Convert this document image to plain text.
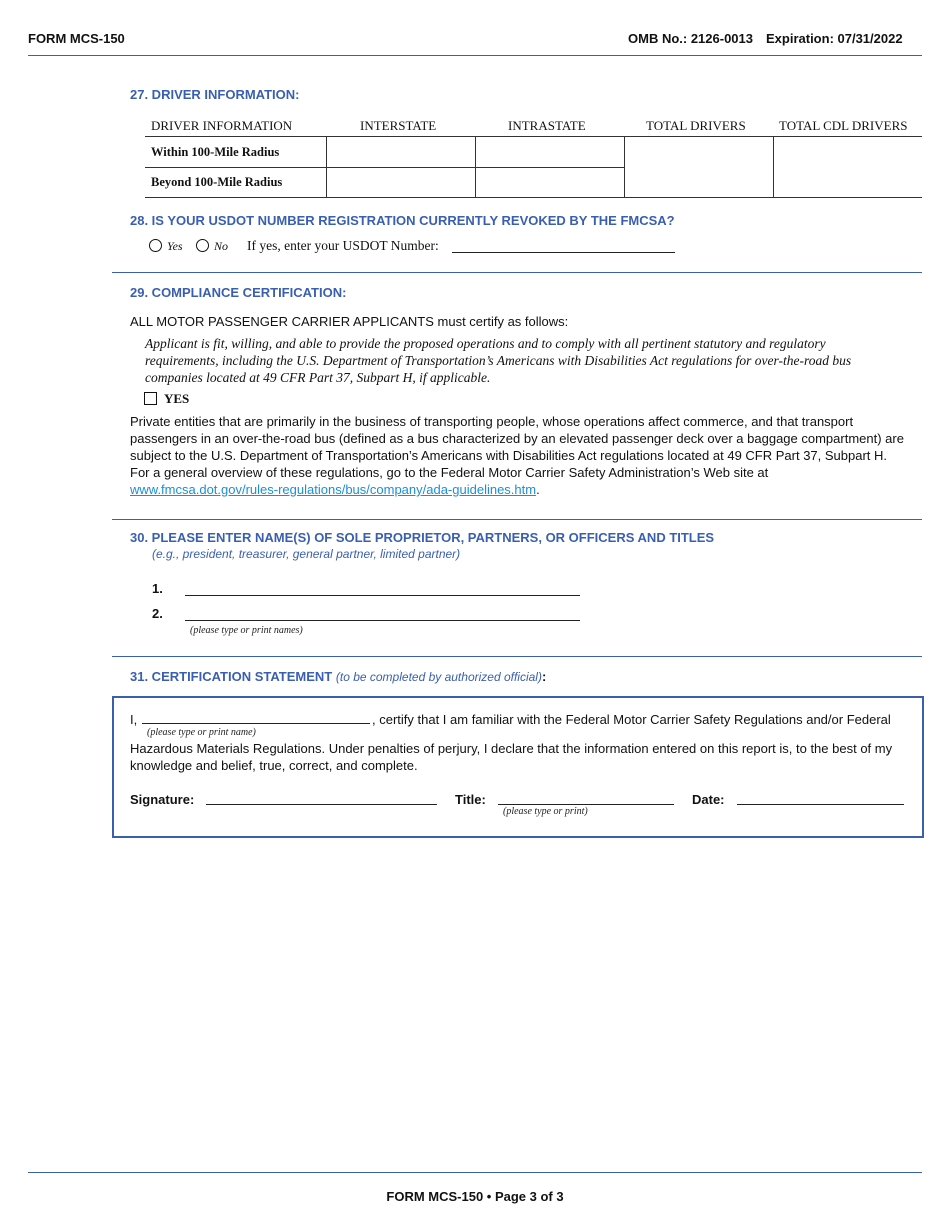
FORM MCS-150	OMB No.: 2126-0013 Expiration: 07/31/2022
27. DRIVER INFORMATION:
DRIVER INFORMATION	INTERSTATE	INTRASTATE	TOTAL DRIVERS	TOTAL CDL DRIVERS
Within 100-Mile Radius
Beyond 100-Mile Radius
28. IS YOUR USDOT NUMBER REGISTRATION CURRENTLY REVOKED BY THE FMCSA?
Yes	No If yes, enter your USDOT Number:
29. COMPLIANCE CERTIFICATION:
ALL MOTOR PASSENGER CARRIER APPLICANTS must certify as follows:
Applicant is fit, willing, and able to provide the proposed operations and to comply with all pertinent statutory and regulatory requirements, including the U.S. Department of Transportation’s Americans with Disabilities Act regulations for over-the-road bus companies located at 49 CFR Part 37, Subpart H, if applicable.
YES
Private entities that are primarily in the business of transporting people, whose operations affect commerce, and that transport passengers in an over-the-road bus (defined as a bus characterized by an elevated passenger deck over a baggage compartment) are subject to the U.S. Department of Transportation’s Americans with Disabilities Act regulations located at 49 CFR Part 37, Subpart H. For a general overview of these regulations, go to the Federal Motor Carrier Safety Administration’s Web site at www.fmcsa.dot.gov/rules-regulations/bus/company/ada-guidelines.htm.
30. PLEASE ENTER NAME(S) OF SOLE PROPRIETOR, PARTNERS, OR OFFICERS AND TITLES
(e.g., president, treasurer, general partner, limited partner)
1.
2.
(please type or print names)
31. CERTIFICATION STATEMENT (to be completed by authorized official):
I,	, certify that I am familiar with the Federal Motor Carrier Safety Regulations and/or Federal
(please type or print name)
Hazardous Materials Regulations. Under penalties of perjury, I declare that the information entered on this report is, to the best of my knowledge and belief, true, correct, and complete.
Signature:	Title:
(please type or print)
Date:
FORM MCS-150 • Page 3 of 3
